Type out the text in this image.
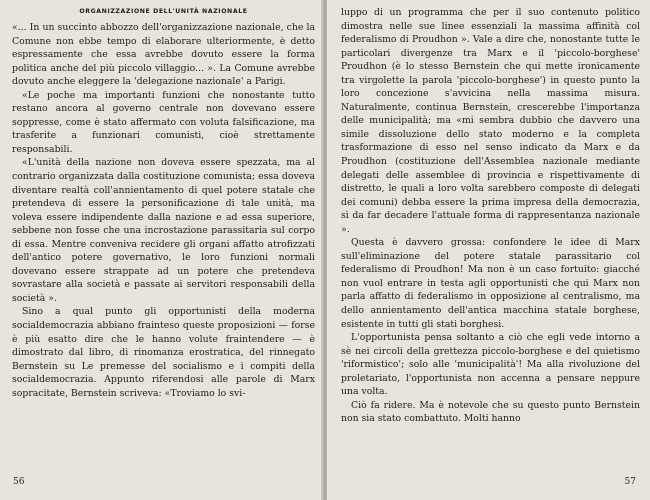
ORGANIZZAZIONE DELL'UNITÀ NAZIONALE

«... In un succinto abbozzo dell'organizzazione nazionale, che la Comune non ebbe tempo di elaborare ulteriormente, è detto espressamente che essa avrebbe dovuto essere la forma politica anche del più piccolo villaggio... ». La Comune avrebbe dovuto anche eleggere la 'delegazione nazionale' a Parigi.

«Le poche ma importanti funzioni che nonostante tutto restano ancora al governo centrale non dovevano essere soppresse, come è stato affermato con voluta falsificazione, ma trasferite a funzionari comunisti, cioè strettamente responsabili.

«L'unità della nazione non doveva essere spezzata, ma al contrario organizzata dalla costituzione comunista; essa doveva diventare realtà coll'annientamento di quel potere statale che pretendeva di essere la personificazione di tale unità, ma voleva essere indipendente dalla nazione e ad essa superiore, sebbene non fosse che una incrostazione parassitaria sul corpo di essa. Mentre conveniva recidere gli organi affatto atrofizzati dell'antico potere governativo, le loro funzioni normali dovevano essere strappate ad un potere che pretendeva sovrastare alla società e passate ai servitori responsabili della società ».

Sino a qual punto gli opportunisti della moderna socialdemocrazia abbiano frainteso queste proposizioni — forse è più esatto dire che le hanno volute fraintendere — è dimostrato dal libro, di rinomanza erostratica, del rinnegato Bernstein su Le premesse del socialismo e i compiti della socialdemocrazia. Appunto riferendosi alle parole di Marx sopracitate, Bernstein scriveva: «Troviamo lo svi-

56

luppo di un programma che per il suo contenuto politico dimostra nelle sue linee essenziali la massima affinità col federalismo di Proudhon ». Vale a dire che, nonostante tutte le particolari divergenze tra Marx e il 'piccolo-borghese' Proudhon (è lo stesso Bernstein che qui mette ironicamente tra virgolette la parola 'piccolo-borghese') in questo punto la loro concezione s'avvicina nella massima misura. Naturalmente, continua Bernstein, crescerebbe l'importanza delle municipalità; ma «mi sembra dubbio che davvero una simile dissoluzione dello stato moderno e la completa trasformazione di esso nel senso indicato da Marx e da Proudhon (costituzione dell'Assemblea nazionale mediante delegati delle assemblee di provincia e rispettivamente di distretto, le quali a loro volta sarebbero composte di delegati dei comuni) debba essere la prima impresa della democrazia, sì da far decadere l'attuale forma di rappresentanza nazionale ».

Questa è davvero grossa: confondere le idee di Marx sull'eliminazione del potere statale parassitario col federalismo di Proudhon! Ma non è un caso fortuito: giacché non vuol entrare in testa agli opportunisti che qui Marx non parla affatto di federalismo in opposizione al centralismo, ma dello annientamento dell'antica macchina statale borghese, esistente in tutti gli stati borghesi.

L'opportunista pensa soltanto a ciò che egli vede intorno a sè nei circoli della grettezza piccolo-borghese e del quietismo 'riformistico'; solo alle 'municipalità'! Ma alla rivoluzione del proletariato, l'opportunista non accenna a pensare neppure una volta.

Ciò fa ridere. Ma è notevole che su questo punto Bernstein non sia stato combattuto. Molti hanno

57
